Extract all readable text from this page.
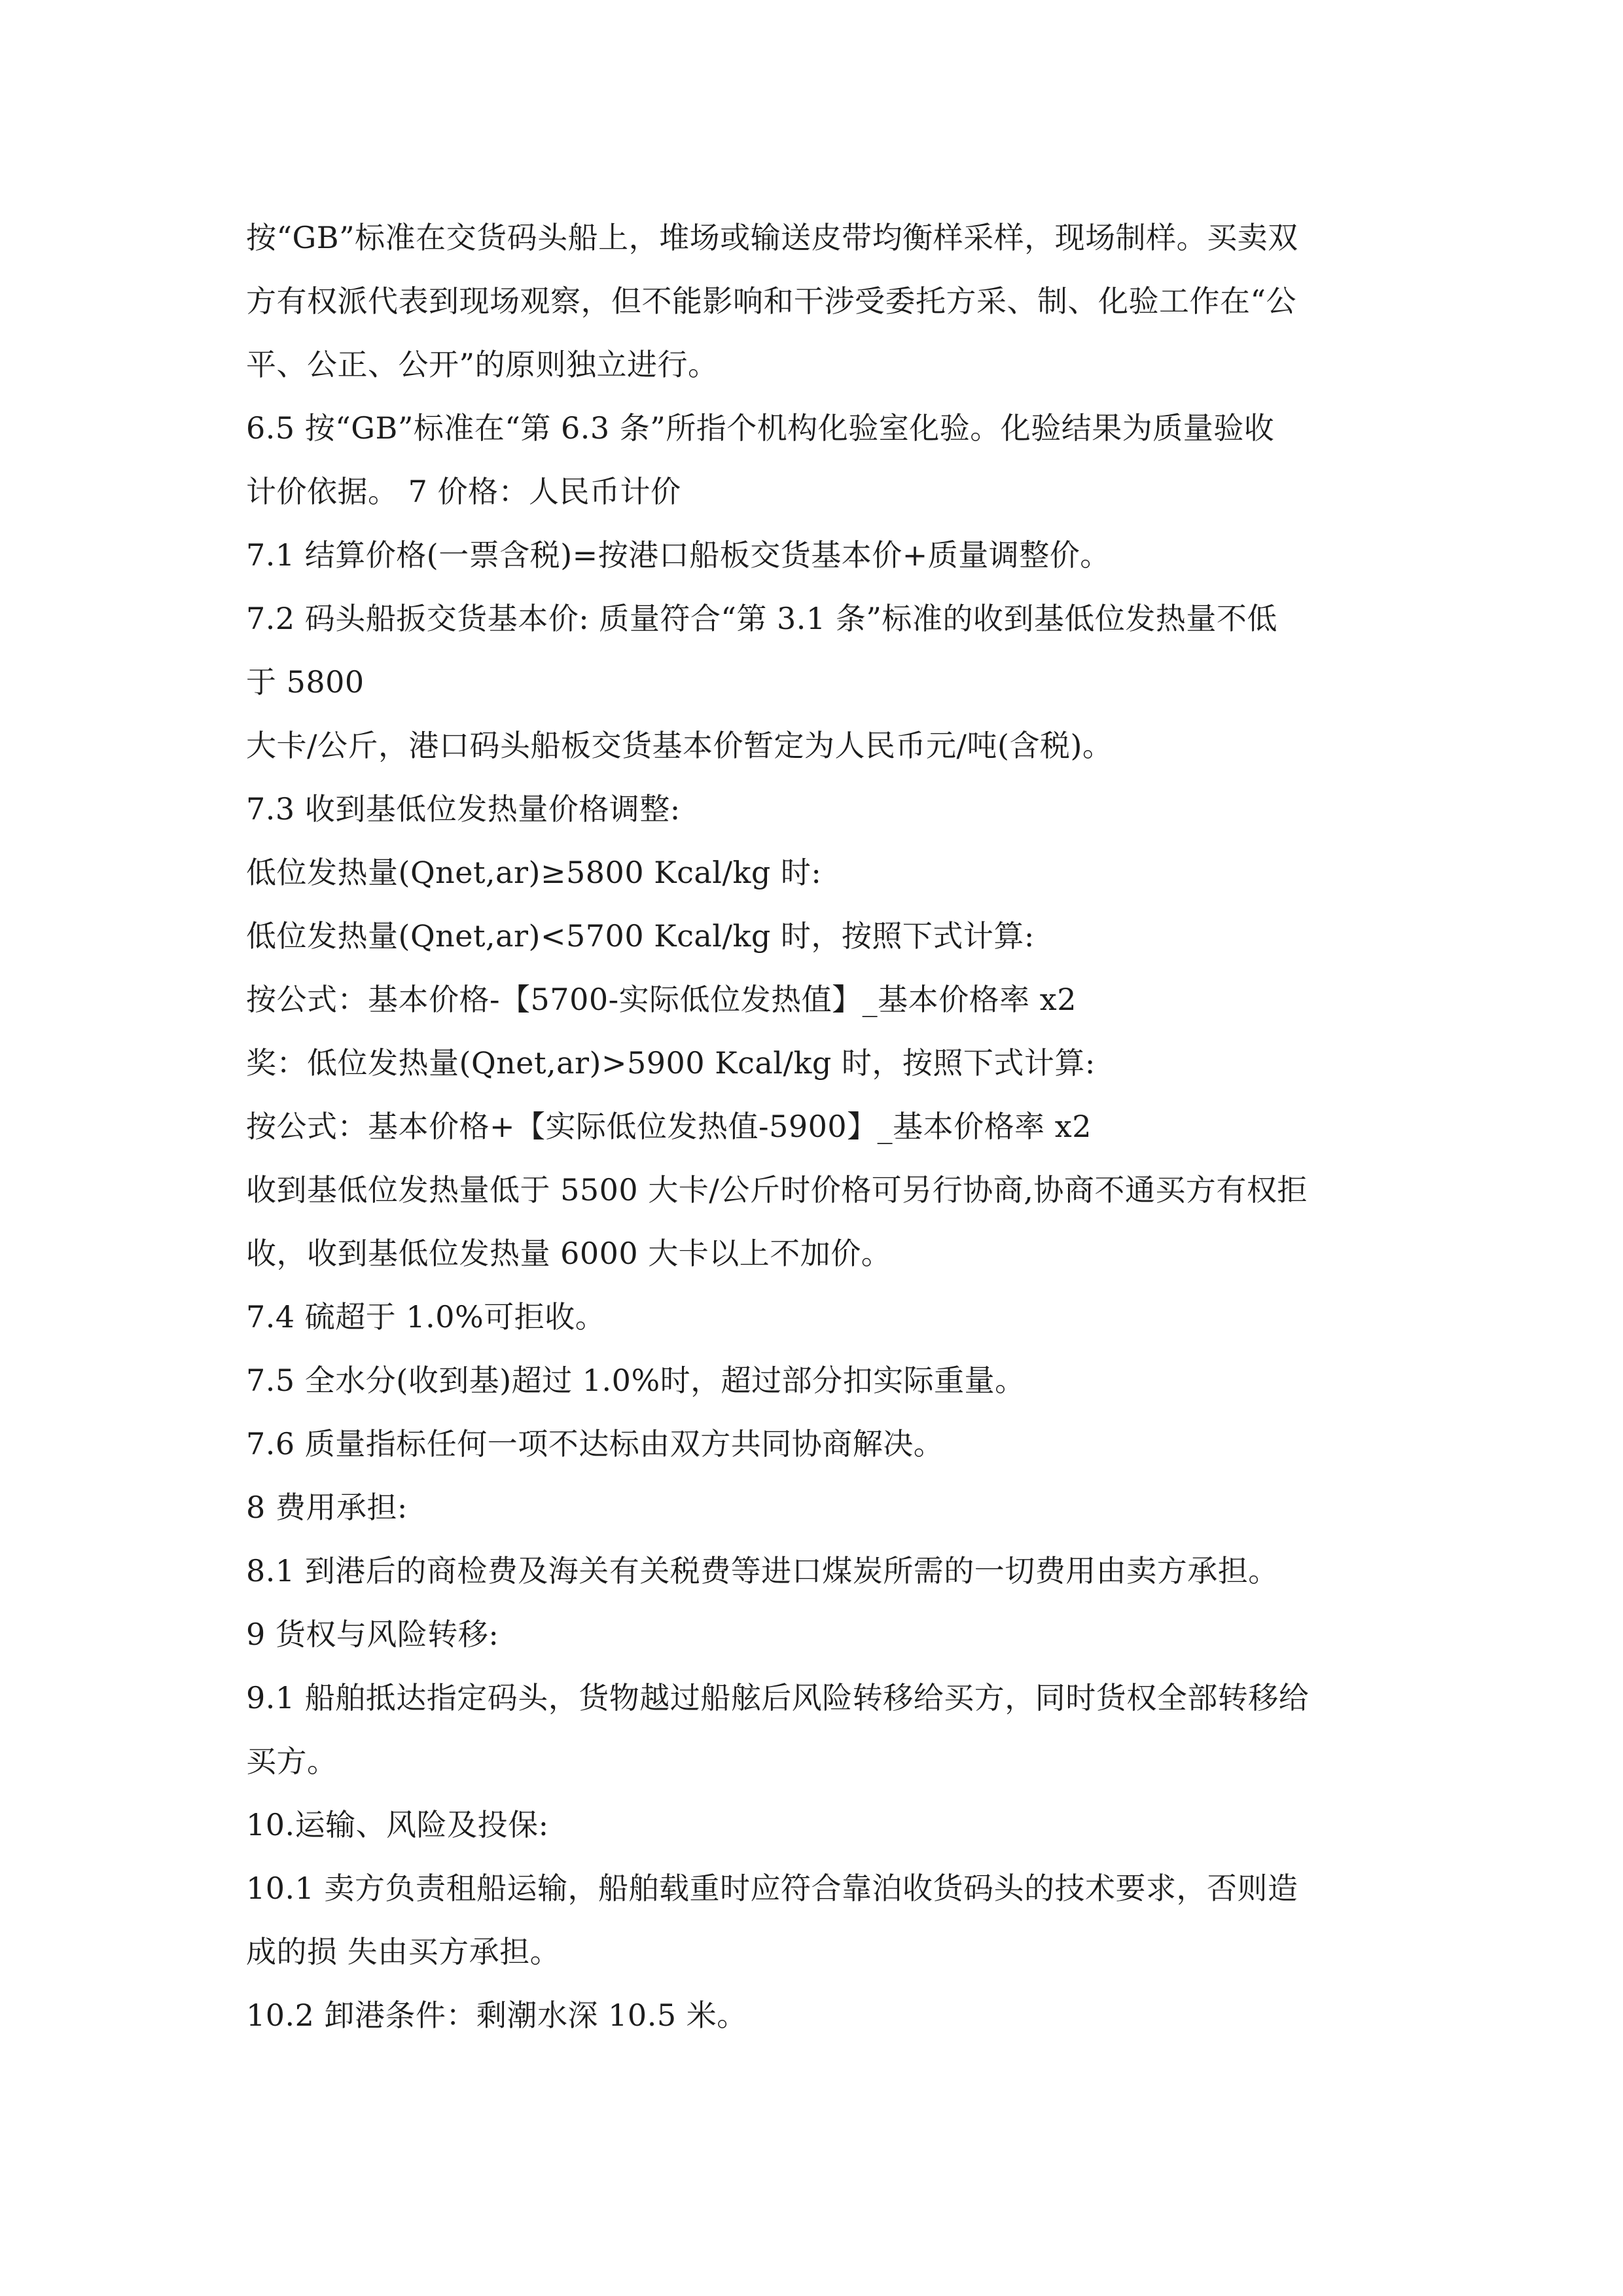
按“GB”标准在交货码头船上，堆场或输送皮带均衡样采样，现场制样。买卖双
方有权派代表到现场观察，但不能影响和干涉受委托方采、制、化验工作在“公
平、公正、公开”的原则独立进行。
6.5 按“GB”标准在“第 6.3 条”所指个机构化验室化验。化验结果为质量验收
计价依据。 7 价格：人民币计价
7.1 结算价格(一票含税)=按港口船板交货基本价+质量调整价。
7.2 码头船扳交货基本价: 质量符合“第 3.1 条”标准的收到基低位发热量不低
于 5800
大卡/公斤，港口码头船板交货基本价暂定为人民币元/吨(含税)。
7.3 收到基低位发热量价格调整:
低位发热量(Qnet,ar)≥5800 Kcal/kg 时:
低位发热量(Qnet,ar)<5700 Kcal/kg 时，按照下式计算:
按公式：基本价格-【5700-实际低位发热值】_基本价格率 x2
奖：低位发热量(Qnet,ar)>5900 Kcal/kg 时，按照下式计算:
按公式：基本价格+【实际低位发热值-5900】_基本价格率 x2
收到基低位发热量低于 5500 大卡/公斤时价格可另行协商,协商不通买方有权拒
收，收到基低位发热量 6000 大卡以上不加价。
7.4 硫超于 1.0%可拒收。
7.5 全水分(收到基)超过 1.0%时，超过部分扣实际重量。
7.6 质量指标任何一项不达标由双方共同协商解决。
8 费用承担:
8.1 到港后的商检费及海关有关税费等进口煤炭所需的一切费用由卖方承担。
9 货权与风险转移:
9.1 船舶抵达指定码头，货物越过船舷后风险转移给买方，同时货权全部转移给
买方。
10.运输、风险及投保:
10.1 卖方负责租船运输，船舶载重时应符合靠泊收货码头的技术要求，否则造
成的损 失由买方承担。
10.2 卸港条件：剩潮水深 10.5 米。
